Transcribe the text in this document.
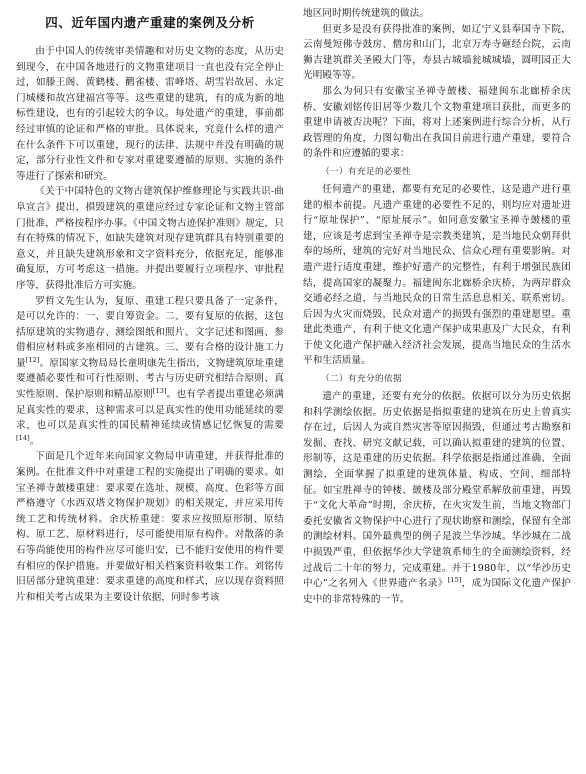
四、近年国内遗产重建的案例及分析

由于中国人的传统审美情趣和对历史文物的态度，从历史到现今，在中国各地进行的文物重建项目一直也没有完全停止过，如滕王阁、黄鹤楼、鹳雀楼、雷峰塔、胡雪岩故居、永定门城楼和故宫建福宫等等。这些重建的建筑，有的成为新的地标性建设，也有的引起较大的争议。每处遗产的重建，事前都经过审慎的论证和严格的审批。具体说来，究竟什么样的遗产在什么条件下可以重建，现行的法律、法规中并没有明确的规定，部分行业性文件和专家对重建要遵循的原则、实施的条件等进行了探索和研究。

《关于中国特色的文物古建筑保护维修理论与实践共识-曲阜宣言》提出，損毁建筑的重建应经过专家论证和文物主管部门批准，严格按程序办事。《中国文物古迹保护准则》规定，只有在特殊的情况下，如缺失建筑对现存建筑群具有特别重要的意义，并且缺失建筑形象和文字资料充分，依据充足，能够准确复原，方可考虑这一措施。并提出要履行立项程序、审批程序等，获得批准后方可实施。

罗哲文先生认为，复原、重建工程只要具备了一定条件，是可以允许的：一、要自筹资金。二、要有复原的依据，这包括原建筑的实物遗存、测绘图纸和照片、文字记述和图画、参借相应材料或多座相同的古建筑。三、要有合格的设计施工力量[12]。原国家文物局局长童明康先生指出，文物建筑原址重建要遵循必要性和可行性原则、考古与历史研究相结合原则、真实性原则、保护原则和精品原则[13]。也有学者提出重建必须满足真实性的要求，这种需求可以是真实性的使用功能延续的要求，也可以是真实性的国民精神延续或情感记忆恢复的需要[14]。

下面是几个近年来向国家文物局申请重建，并获得批准的案例。在批准文件中对重建工程的实施提出了明确的要求。如宝圣禅寺皷楼重建：要求要在选址、规模、高度、色彩等方面严格遵守《水西双塔文物保护规划》的相关规定，并应采用传统工艺和传统材料。余庆桥重建：要求应按照原形制、原结构、原工艺、原材料进行，尽可能使用原有构件。对散落的条石等尚能使用的构件应尽可能归安，已不能归安使用的构件要有相应的保护措施。并要做好相关档案资料收集工作。刘铭传旧居部分建筑重建：要求重建的高度和样式，应以现存资料照片和相关考古成果为主要设计依据，同时参考该

地区同时期传统建筑的做法。

但更多是没有获得批准的案例，如辽宁义县奉国寺下院，云南曼短佛寺鼓房、僧房和山门，北京万寿寺砸经台院，云南狮吉建筑群关圣殿大门等，寿县古城墙瓮城城墙，圆明园正大光明殿等等。

那么为何只有安徽宝圣禅寺皷楼、福建闽东北廊桥余庆桥、安徽刘铭传旧居等少数几个文物重建项目获批，而更多的重建申请被否决呢？下面，将对上述案例进行综合分析，从行政管理的角度，力图勾勒出在我国目前进行遗产重建，要符合的条件和应遵循的要求：

（一）有充足的必要性

任何遗产的重建，都要有充足的必要性，这是遗产进行重建的根本前提。凡遗产重建的必要性不足的，则均应对遗址进行“原址保护”、“原址展示”。如同意安徽宝圣禅寺皷楼的重建，应该是考虑到宝圣禅寺是宗教类建筑，是当地民众朝拜供奉的场所，建筑的完好对当地民众、信众心理有重要影响。对遗产进行适度重建，维护好遗产的完整性，有利于增强民族团结，提高国家的凝聚力。福建闽东北廊桥余庆桥，为两岸群众交通必经之道，与当地民众的日常生活息息相关、联系密切。后因为火灾而烧毁，民众对遗产的损毁有强烈的重建愿望。重建此类遗产，有利于使文化遗产保护成果惠及广大民众，有利于使文化遗产保护融入经济社会发展，提高当地民众的生活水平和生活质量。

（二）有充分的依据

遗产的重建，还要有充分的依据。依据可以分为历史依据和科学测绘依据。历史依据是指拟重建的建筑在历史上曾真实存在过，后因人为或自然灾害等原因损毁，但通过考古勘察和发掘、查找、研究文献记载，可以确认拟重建的建筑的位置、形制等，这是重建的历史依据。科学依据是指通过准确、全面测绘，全面掌握了拟重建的建筑体量、构成、空间、细部特征。如宝胜禅寺的钟楼、皷楼及部分殿堂系解放前重建，再毁于“文化大革命”时期，余庆桥，在火灾发生前，当地文物部门委托安徽省文物保护中心进行了现状勘察和测绘，保留有全部的测绘材料。国外最典型的例子是波兰华沙城。华沙城在二战中损毁严重，但依据华沙大学建筑系师生的全面测绘资料，经过战后二十年的努力，完成重建。并于1980年，以“华沙历史中心”之名列入《世界遗产名录》[15]，成为国际文化遗产保护史中的非常特殊的一节。
